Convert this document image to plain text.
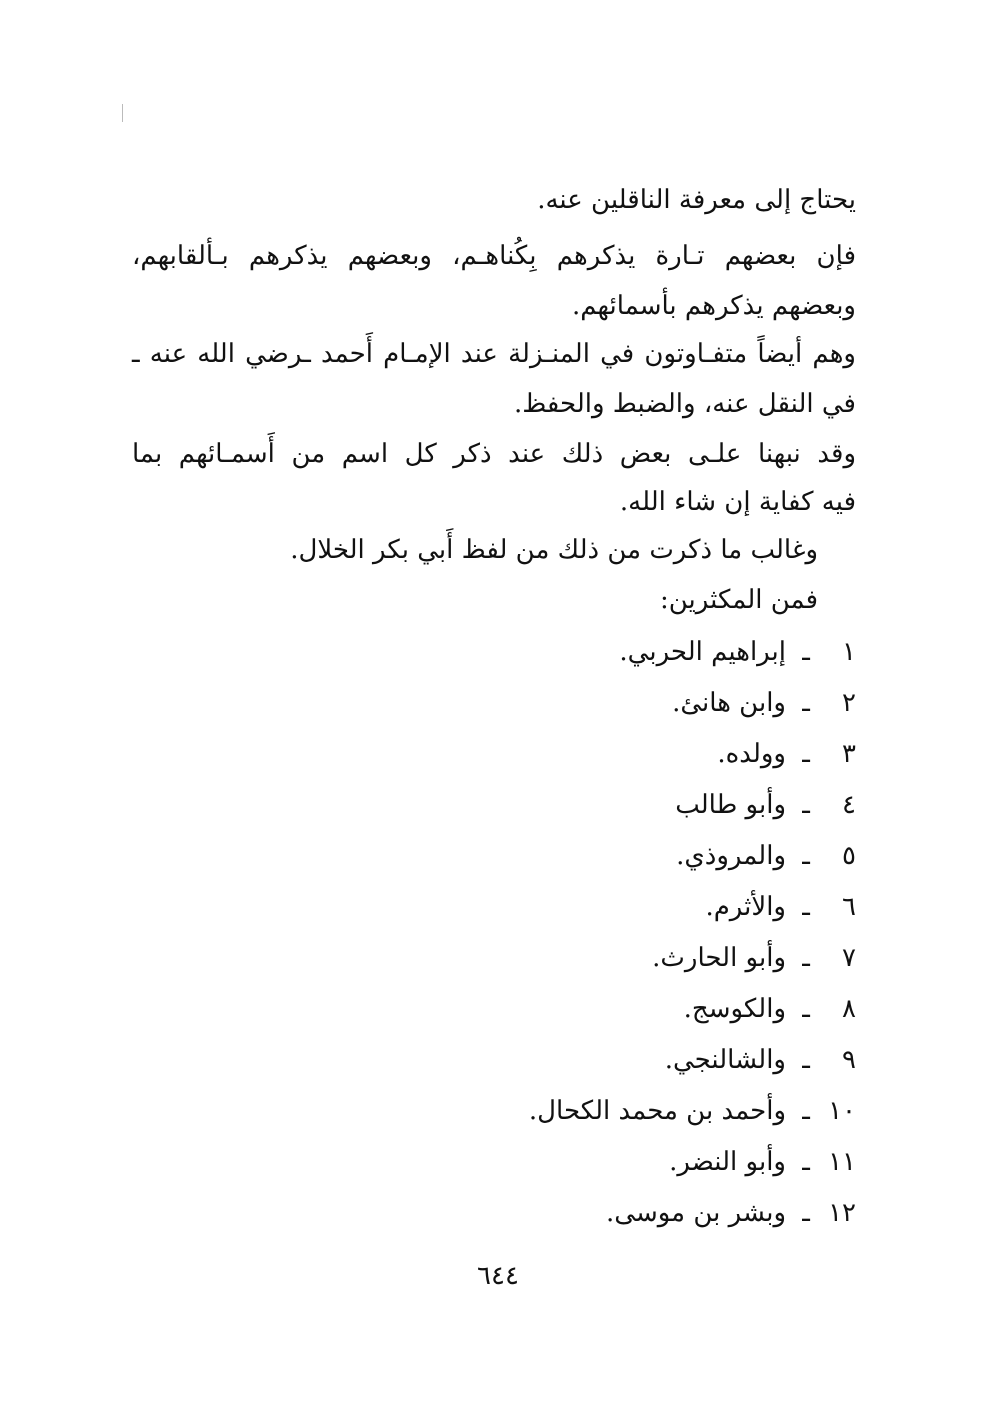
يحتاج إلى معرفة الناقلين عنه.
فإن بعضهم تـارة يذكرهم بِكُناهـم، وبعضهم يذكرهم بـألقابهم،
وبعضهم يذكرهم بأسمائهم.
وهم أيضاً متفـاوتون في المنـزلة عند الإمـام أَحمد ـرضي الله عنه ـ
في النقل عنه، والضبط والحفظ.
وقد نبهنا علـى بعض ذلك عند ذكر كل اسم من أَسمـائهم بما
فيه كفاية إن شاء الله.
وغالب ما ذكرت من ذلك من لفظ أَبي بكر الخلال.
فمن المكثرين:
١
ـ
إبراهيم الحربي.
٢
ـ
وابن هانئ.
٣
ـ
وولده.
٤
ـ
وأبو طالب
٥
ـ
والمروذي.
٦
ـ
والأثرم.
٧
ـ
وأبو الحارث.
٨
ـ
والكوسج.
٩
ـ
والشالنجي.
١٠
ـ
وأحمد بن محمد الكحال.
١١
ـ
وأبو النضر.
١٢
ـ
وبشر بن موسى.
٦٤٤
